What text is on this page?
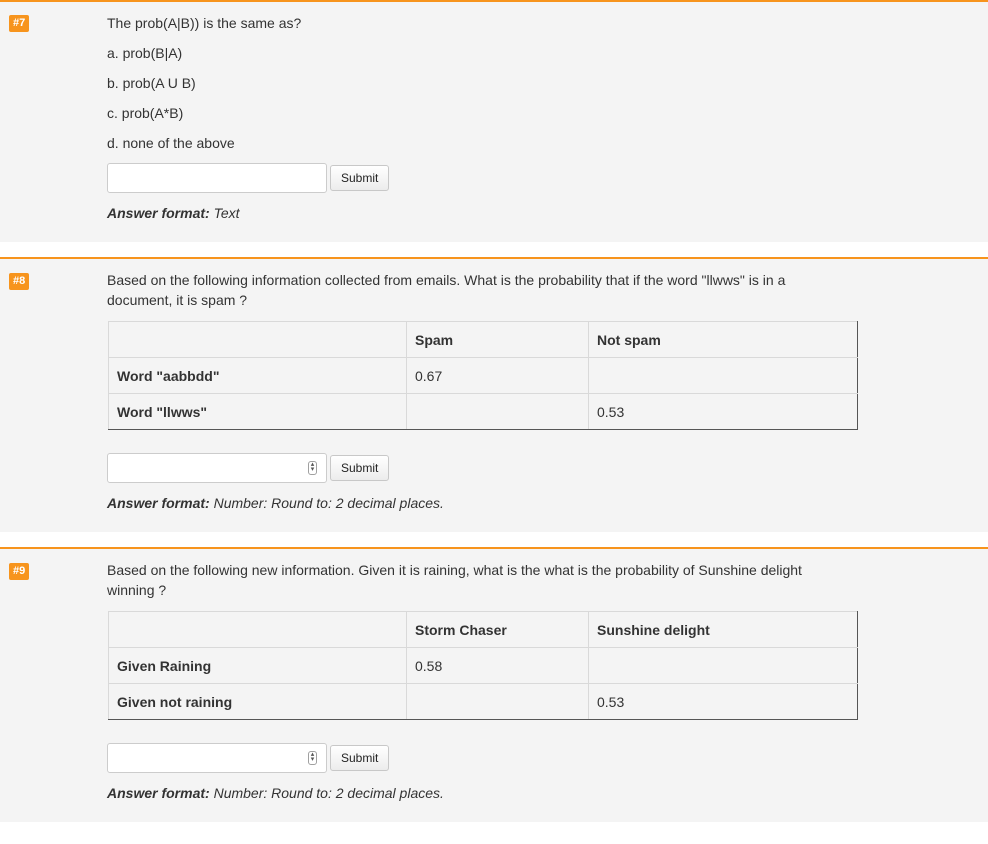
#7	The prob(A|B)) is the same as?

a. prob(B|A)

b. prob(A U B)

c. prob(A*B)

d. none of the above

Submit
Answer format: Text
#8	Based on the following information collected from emails. What is the probability that if the word "llwws" is in a document, it is spam ?

	Spam	Not spam
Word "aabbdd"	0.67	
Word "llwws"		0.53
▴
▾	Submit
Answer format: Number: Round to: 2 decimal places.
#9	Based on the following new information. Given it is raining, what is the what is the probability of Sunshine delight winning ?

	Storm Chaser	Sunshine delight
Given Raining	0.58	
Given not raining		0.53
▴
▾	Submit
Answer format: Number: Round to: 2 decimal places.
